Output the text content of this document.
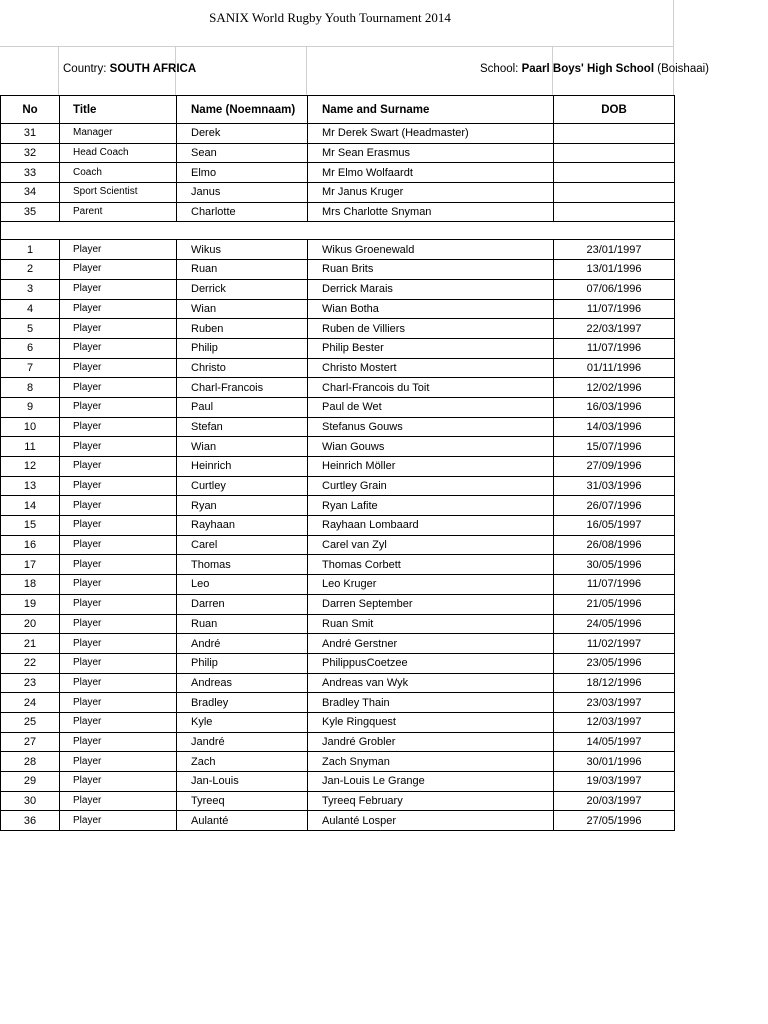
SANIX World Rugby Youth Tournament 2014
Country: SOUTH AFRICA	School: Paarl Boys' High School (Boishaai)
No	Title	Name (Noemnaam)	Name and Surname	DOB
31	Manager	Derek	Mr Derek Swart (Headmaster)	
32	Head Coach	Sean	Mr Sean Erasmus	
33	Coach	Elmo	Mr Elmo Wolfaardt	
34	Sport Scientist	Janus	Mr Janus Kruger	
35	Parent	Charlotte	Mrs Charlotte Snyman	

1	Player	Wikus	Wikus Groenewald	23/01/1997
2	Player	Ruan	Ruan Brits	13/01/1996
3	Player	Derrick	Derrick Marais	07/06/1996
4	Player	Wian	Wian Botha	11/07/1996
5	Player	Ruben	Ruben de Villiers	22/03/1997
6	Player	Philip	Philip Bester	11/07/1996
7	Player	Christo	Christo Mostert	01/11/1996
8	Player	Charl-Francois	Charl-Francois du Toit	12/02/1996
9	Player	Paul	Paul de Wet	16/03/1996
10	Player	Stefan	Stefanus Gouws	14/03/1996
11	Player	Wian	Wian Gouws	15/07/1996
12	Player	Heinrich	Heinrich Möller	27/09/1996
13	Player	Curtley	Curtley Grain	31/03/1996
14	Player	Ryan	Ryan Lafite	26/07/1996
15	Player	Rayhaan	Rayhaan Lombaard	16/05/1997
16	Player	Carel	Carel van Zyl	26/08/1996
17	Player	Thomas	Thomas Corbett	30/05/1996
18	Player	Leo	Leo Kruger	11/07/1996
19	Player	Darren	Darren September	21/05/1996
20	Player	Ruan	Ruan Smit	24/05/1996
21	Player	André	André Gerstner	11/02/1997
22	Player	Philip	PhilippusCoetzee	23/05/1996
23	Player	Andreas	Andreas van Wyk	18/12/1996
24	Player	Bradley	Bradley Thain	23/03/1997
25	Player	Kyle	Kyle Ringquest	12/03/1997
27	Player	Jandré	Jandré Grobler	14/05/1997
28	Player	Zach	Zach Snyman	30/01/1996
29	Player	Jan-Louis	Jan-Louis Le Grange	19/03/1997
30	Player	Tyreeq	Tyreeq February	20/03/1997
36	Player	Aulanté	Aulanté Losper	27/05/1996
